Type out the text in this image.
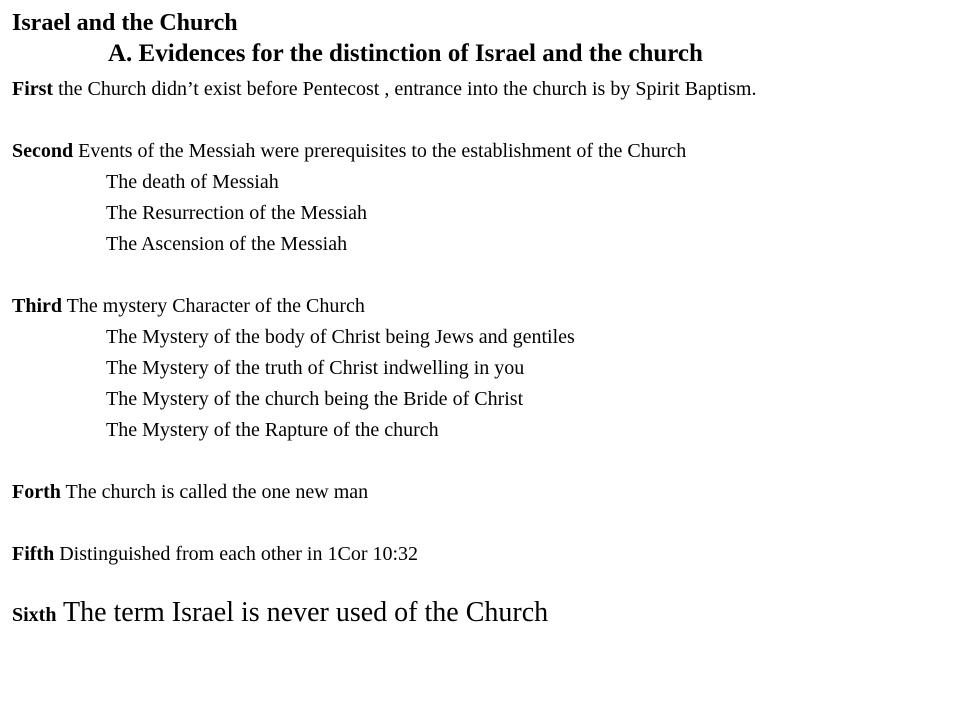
Israel and the Church
A. Evidences for the distinction of Israel and the church

First the Church didn’t exist before Pentecost , entrance into the church is by Spirit Baptism.

Second Events of the Messiah were prerequisites to the establishment of the Church

The death of Messiah
The Resurrection of the Messiah
The Ascension of the Messiah

Third The mystery Character of the Church

The Mystery of the body of Christ being Jews and gentiles
The Mystery of the truth of Christ indwelling in you
The Mystery of the church being the Bride of Christ
The Mystery of the Rapture of the church

Forth The church is called the one new man

Fifth Distinguished from each other in 1Cor 10:32

Sixth The term Israel is never used of the Church
